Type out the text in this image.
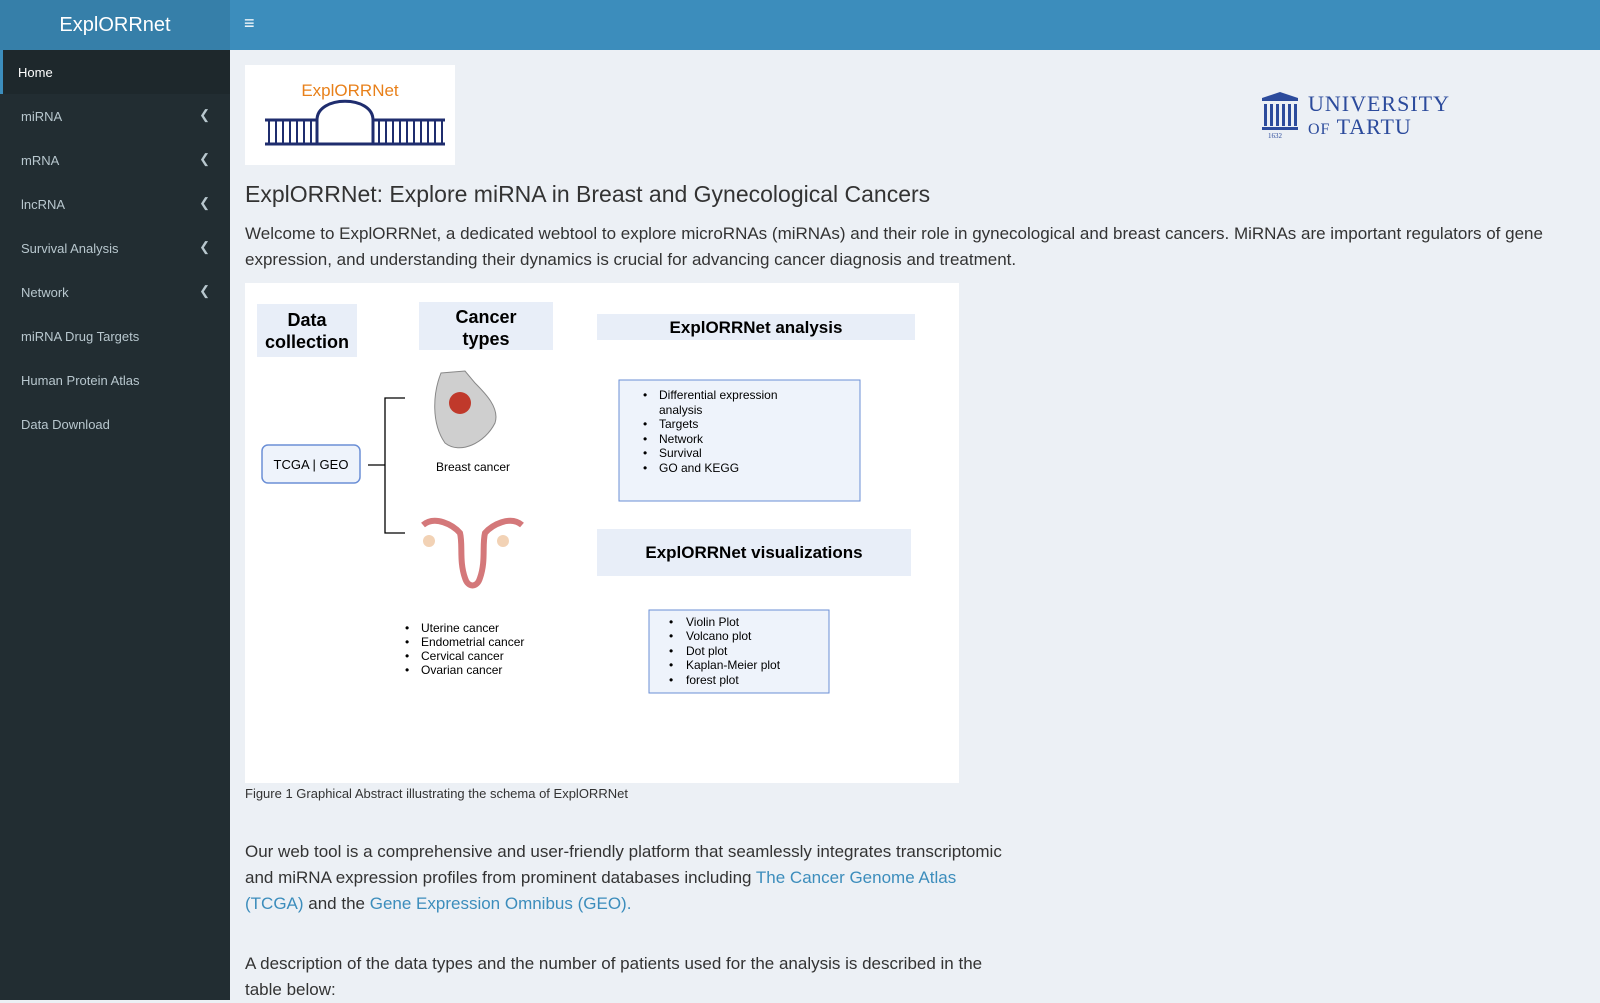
ExplORRnet	≡
Home
miRNA	❮
mRNA	❮
lncRNA	❮
Survival Analysis	❮
Network	❮
miRNA Drug Targets
Human Protein Atlas
Data Download
ExplORRNet
UNIVERSITY
OF TARTU
1632
ExplORRNet: Explore miRNA in Breast and Gynecological Cancers

Welcome to ExplORRNet, a dedicated webtool to explore microRNAs (miRNAs) and their role in gynecological and breast cancers. MiRNAs are important regulators of gene expression, and understanding their dynamics is crucial for advancing cancer diagnosis and treatment.

Data
collection
Cancer
types
TCGA | GEO	Breast cancer
• Uterine cancer
• Endometrial cancer
• Cervical cancer
• Ovarian cancer
ExplORRNet analysis
• Differential expression
analysis
• Targets
• Network
• Survival
• GO and KEGG
ExplORRNet visualizations
• Violin Plot
• Volcano plot
• Dot plot
• Kaplan-Meier plot
• forest plot
Figure 1 Graphical Abstract illustrating the schema of ExplORRNet

Our web tool is a comprehensive and user-friendly platform that seamlessly integrates transcriptomic and miRNA expression profiles from prominent databases including The Cancer Genome Atlas (TCGA) and the Gene Expression Omnibus (GEO).

A description of the data types and the number of patients used for the analysis is described in the table below:
